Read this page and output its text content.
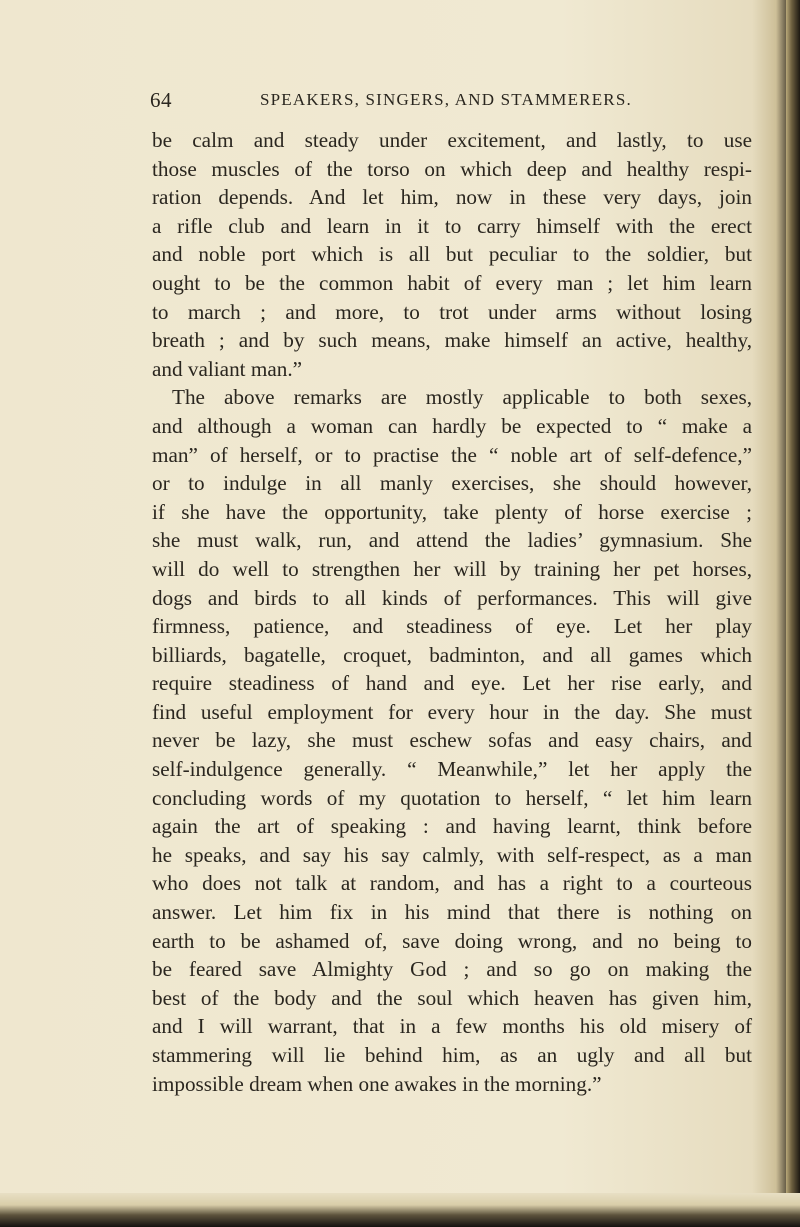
64	SPEAKERS, SINGERS, AND STAMMERERS.
be calm and steady under excitement, and lastly, to use
those muscles of the torso on which deep and healthy respi-
ration depends. And let him, now in these very days, join
a rifle club and learn in it to carry himself with the erect
and noble port which is all but peculiar to the soldier, but
ought to be the common habit of every man ; let him learn
to march ; and more, to trot under arms without losing
breath ; and by such means, make himself an active, healthy,
and valiant man.”
The above remarks are mostly applicable to both sexes,
and although a woman can hardly be expected to “ make a
man” of herself, or to practise the “ noble art of self-defence,”
or to indulge in all manly exercises, she should however,
if she have the opportunity, take plenty of horse exercise ;
she must walk, run, and attend the ladies’ gymnasium. She
will do well to strengthen her will by training her pet horses,
dogs and birds to all kinds of performances. This will give
firmness, patience, and steadiness of eye. Let her play
billiards, bagatelle, croquet, badminton, and all games which
require steadiness of hand and eye. Let her rise early, and
find useful employment for every hour in the day. She must
never be lazy, she must eschew sofas and easy chairs, and
self-indulgence generally. “ Meanwhile,” let her apply the
concluding words of my quotation to herself, “ let him learn
again the art of speaking : and having learnt, think before
he speaks, and say his say calmly, with self-respect, as a man
who does not talk at random, and has a right to a courteous
answer. Let him fix in his mind that there is nothing on
earth to be ashamed of, save doing wrong, and no being to
be feared save Almighty God ; and so go on making the
best of the body and the soul which heaven has given him,
and I will warrant, that in a few months his old misery of
stammering will lie behind him, as an ugly and all but
impossible dream when one awakes in the morning.”
